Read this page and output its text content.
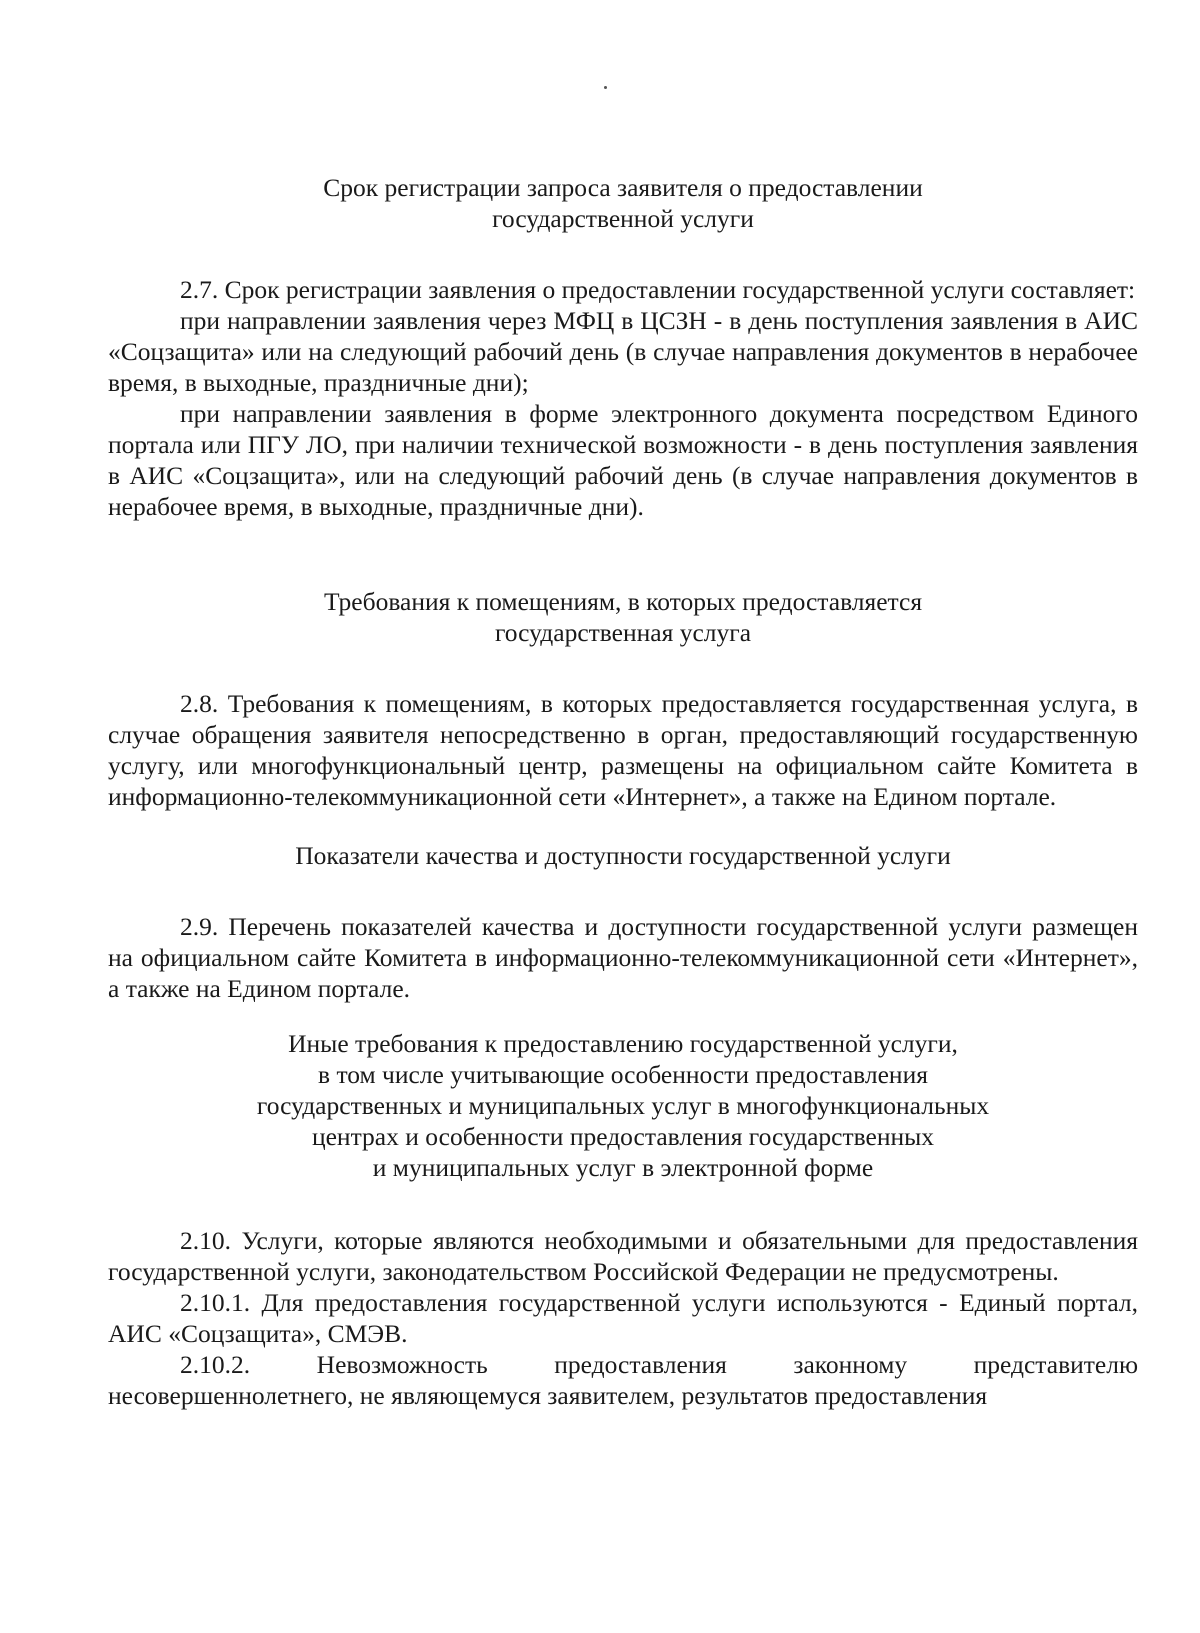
Срок регистрации запроса заявителя о предоставлении
государственной услуги

2.7. Срок регистрации заявления о предоставлении государственной услуги составляет:

при направлении заявления через МФЦ в ЦСЗН - в день поступления заявления в АИС «Соцзащита» или на следующий рабочий день (в случае направления документов в нерабочее время, в выходные, праздничные дни);

при направлении заявления в форме электронного документа посредством Единого портала или ПГУ ЛО, при наличии технической возможности - в день поступления заявления в АИС «Соцзащита», или на следующий рабочий день (в случае направления документов в нерабочее время, в выходные, праздничные дни).

Требования к помещениям, в которых предоставляется
государственная услуга

2.8. Требования к помещениям, в которых предоставляется государственная услуга, в случае обращения заявителя непосредственно в орган, предоставляющий государственную услугу, или многофункциональный центр, размещены на официальном сайте Комитета в информационно-телекоммуникационной сети «Интернет», а также на Едином портале.

Показатели качества и доступности государственной услуги

2.9. Перечень показателей качества и доступности государственной услуги размещен на официальном сайте Комитета в информационно-телекоммуникационной сети «Интернет», а также на Едином портале.

Иные требования к предоставлению государственной услуги,
в том числе учитывающие особенности предоставления
государственных и муниципальных услуг в многофункциональных
центрах и особенности предоставления государственных
и муниципальных услуг в электронной форме

2.10. Услуги, которые являются необходимыми и обязательными для предоставления государственной услуги, законодательством Российской Федерации не предусмотрены.

2.10.1. Для предоставления государственной услуги используются - Единый портал, АИС «Соцзащита», СМЭВ.

2.10.2. Невозможность предоставления законному представителю несовершеннолетнего, не являющемуся заявителем, результатов предоставления
